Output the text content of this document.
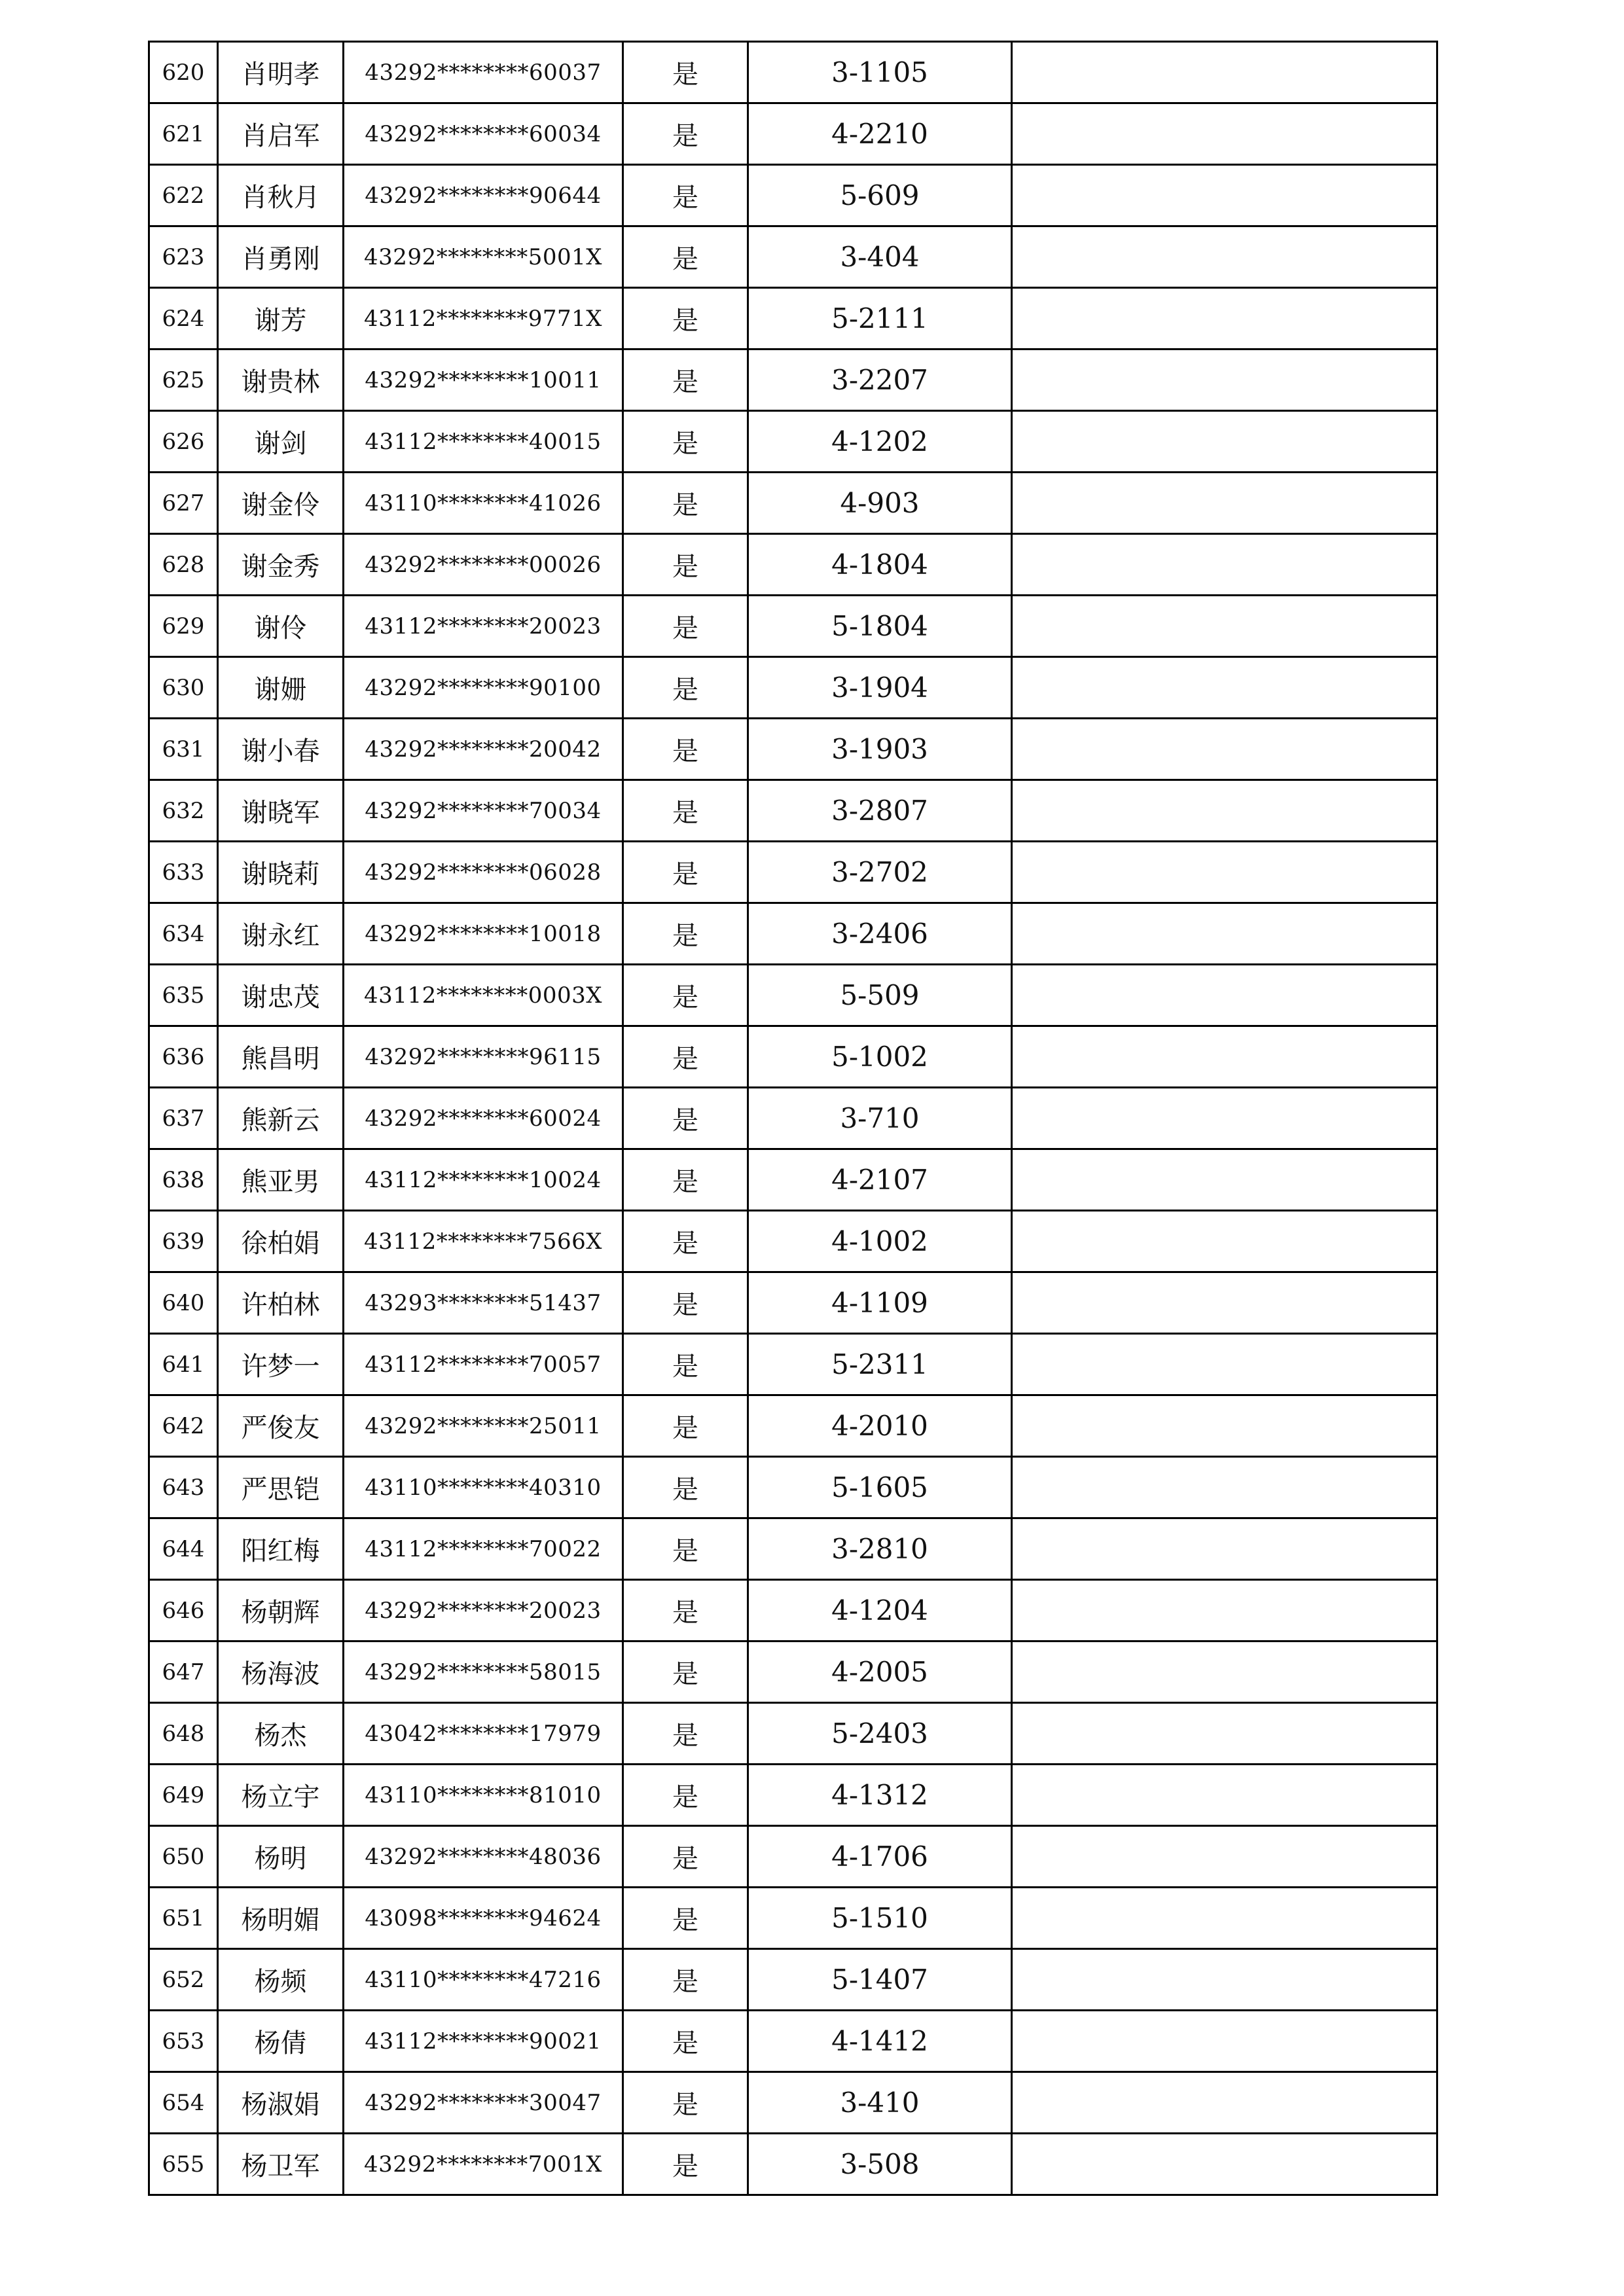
620	肖明孝	43292********60037	是	3-1105	
621	肖启军	43292********60034	是	4-2210	
622	肖秋月	43292********90644	是	5-609	
623	肖勇刚	43292********5001X	是	3-404	
624	谢芳	43112********9771X	是	5-2111	
625	谢贵林	43292********10011	是	3-2207	
626	谢剑	43112********40015	是	4-1202	
627	谢金伶	43110********41026	是	4-903	
628	谢金秀	43292********00026	是	4-1804	
629	谢伶	43112********20023	是	5-1804	
630	谢姗	43292********90100	是	3-1904	
631	谢小春	43292********20042	是	3-1903	
632	谢晓军	43292********70034	是	3-2807	
633	谢晓莉	43292********06028	是	3-2702	
634	谢永红	43292********10018	是	3-2406	
635	谢忠茂	43112********0003X	是	5-509	
636	熊昌明	43292********96115	是	5-1002	
637	熊新云	43292********60024	是	3-710	
638	熊亚男	43112********10024	是	4-2107	
639	徐柏娟	43112********7566X	是	4-1002	
640	许柏林	43293********51437	是	4-1109	
641	许梦一	43112********70057	是	5-2311	
642	严俊友	43292********25011	是	4-2010	
643	严思铠	43110********40310	是	5-1605	
644	阳红梅	43112********70022	是	3-2810	
646	杨朝辉	43292********20023	是	4-1204	
647	杨海波	43292********58015	是	4-2005	
648	杨杰	43042********17979	是	5-2403	
649	杨立宇	43110********81010	是	4-1312	
650	杨明	43292********48036	是	4-1706	
651	杨明媚	43098********94624	是	5-1510	
652	杨频	43110********47216	是	5-1407	
653	杨倩	43112********90021	是	4-1412	
654	杨淑娟	43292********30047	是	3-410	
655	杨卫军	43292********7001X	是	3-508	
